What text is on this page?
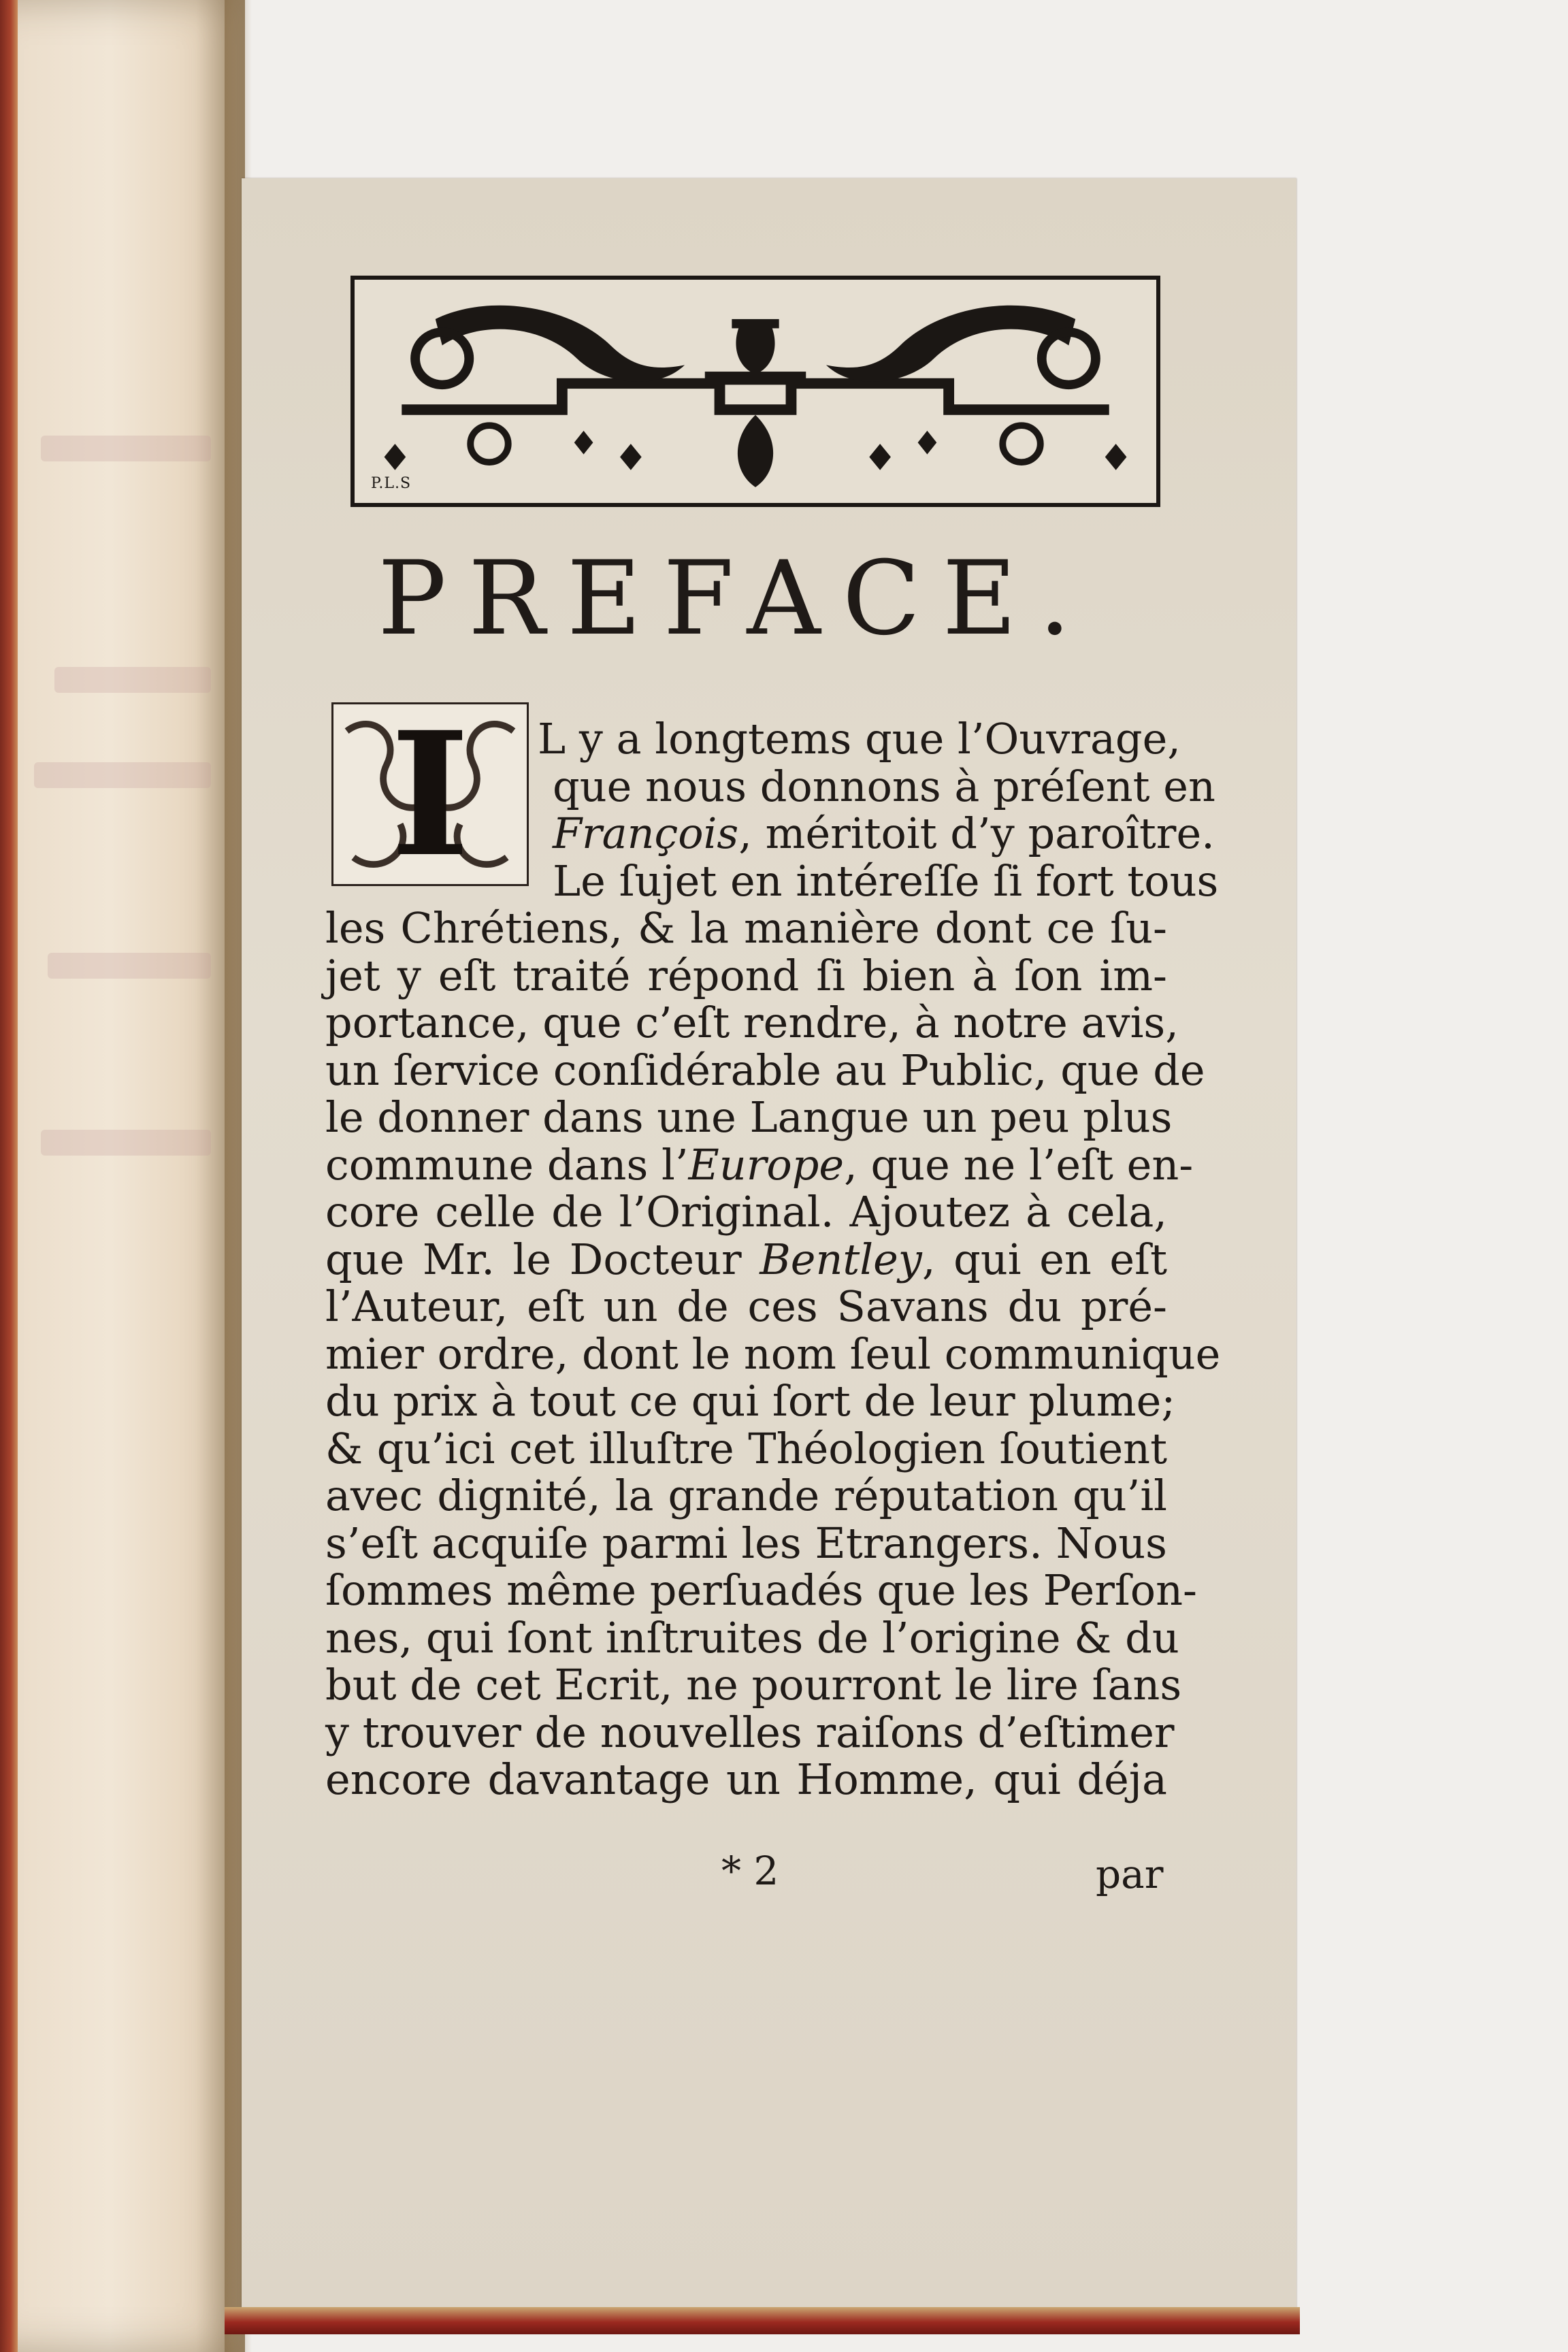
P.L.S
PREFACE.
I	L y a longtems que l’Ouvrage,
que nous donnons à préſent en
François, méritoit d’y paroître.
Le ſujet en intéreſſe ſi fort tous
les Chrétiens, & la manière dont ce ſu-
jet y eſt traité répond ſi bien à ſon im-
portance, que c’eſt rendre, à notre avis,
un ſervice conſidérable au Public, que de
le donner dans une Langue un peu plus
commune dans l’Europe, que ne l’eſt en-
core celle de l’Original. Ajoutez à cela,
que Mr. le Docteur Bentley, qui en eſt
l’Auteur, eſt un de ces Savans du pré-
mier ordre, dont le nom ſeul communique
du prix à tout ce qui ſort de leur plume;
& qu’ici cet illuſtre Théologien ſoutient
avec dignité, la grande réputation qu’il
s’eſt acquiſe parmi les Etrangers. Nous
ſommes même perſuadés que les Perſon-
nes, qui ſont inſtruites de l’origine & du
but de cet Ecrit, ne pourront le lire ſans
y trouver de nouvelles raiſons d’eſtimer
encore davantage un Homme, qui déja
* 2	par
